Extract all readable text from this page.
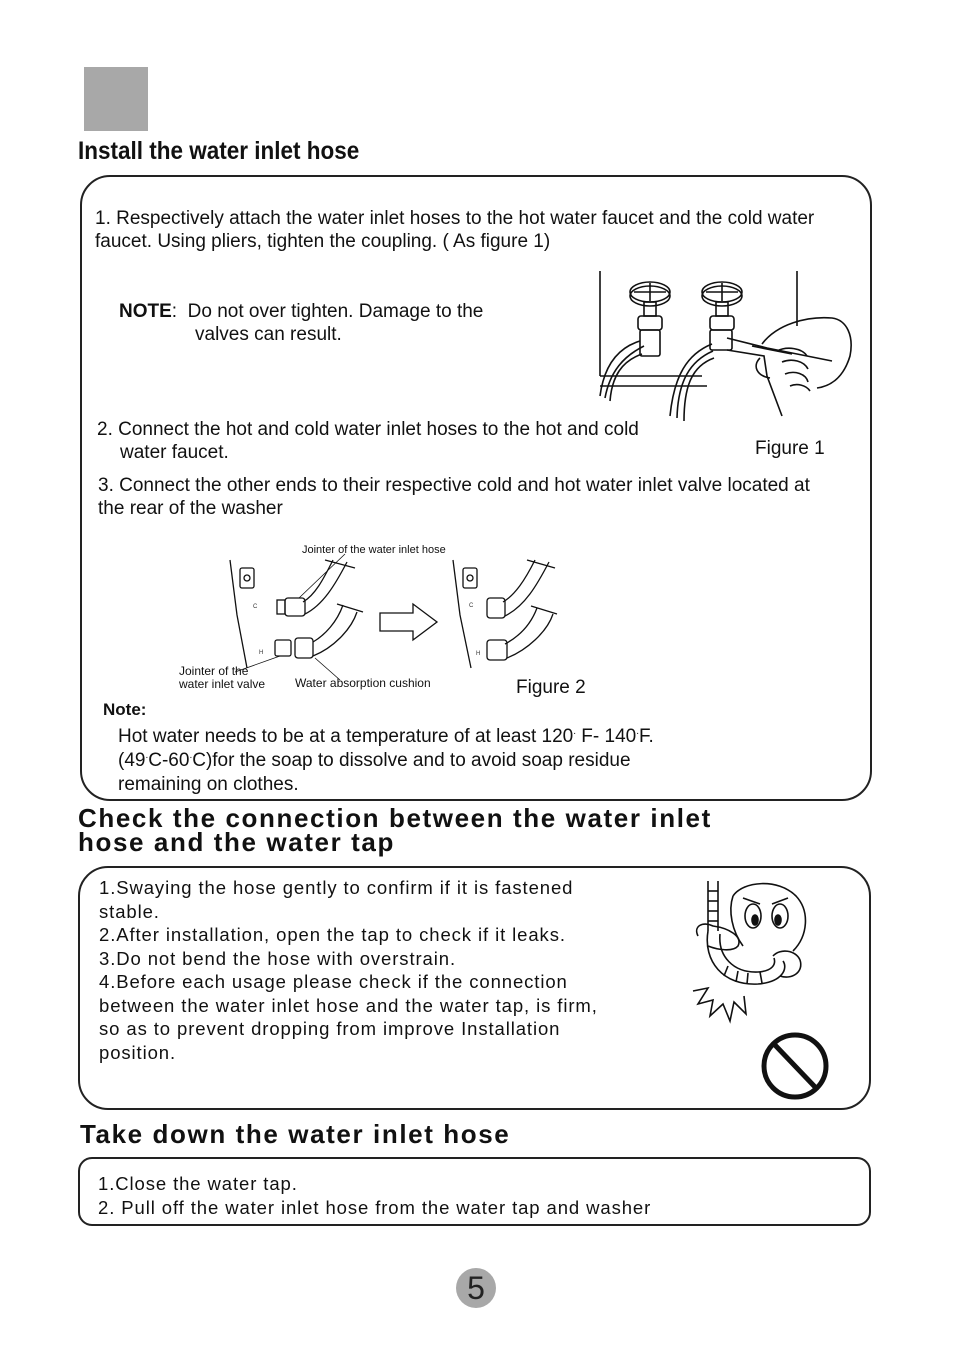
Install the water inlet hose
1. Respectively attach the water inlet hoses to the hot water faucet and the cold water faucet. Using pliers, tighten the coupling. ( As figure 1)
NOTE:  Do not over tighten. Damage to the
valves can result.
2. Connect the hot and cold water inlet hoses to the hot and cold
water faucet.	Figure 1
3. Connect the other ends to their respective cold and hot water inlet valve located at the rear of the washer
Jointer of the water inlet hose
C
H
C
H
Jointer of the
water inlet valve Water absorption cushion	Figure 2
Note:
Hot water needs to be at a temperature of at least 120. F- 140.F.
(49.C-60.C)for the soap to dissolve and to avoid soap residue
remaining on clothes.
Check the connection between the water inlet
hose and the water tap
1.Swaying the hose gently to confirm if it is fastened
stable.
2.After installation, open the tap to check if it leaks.
3.Do not bend the hose with overstrain.
4.Before each usage please check if the connection
between the water inlet hose and the water tap, is firm,
so as to prevent dropping from improve Installation
position.
Take down the water inlet hose
1.Close the water tap.
2. Pull off the water inlet hose from the water tap and washer
5
